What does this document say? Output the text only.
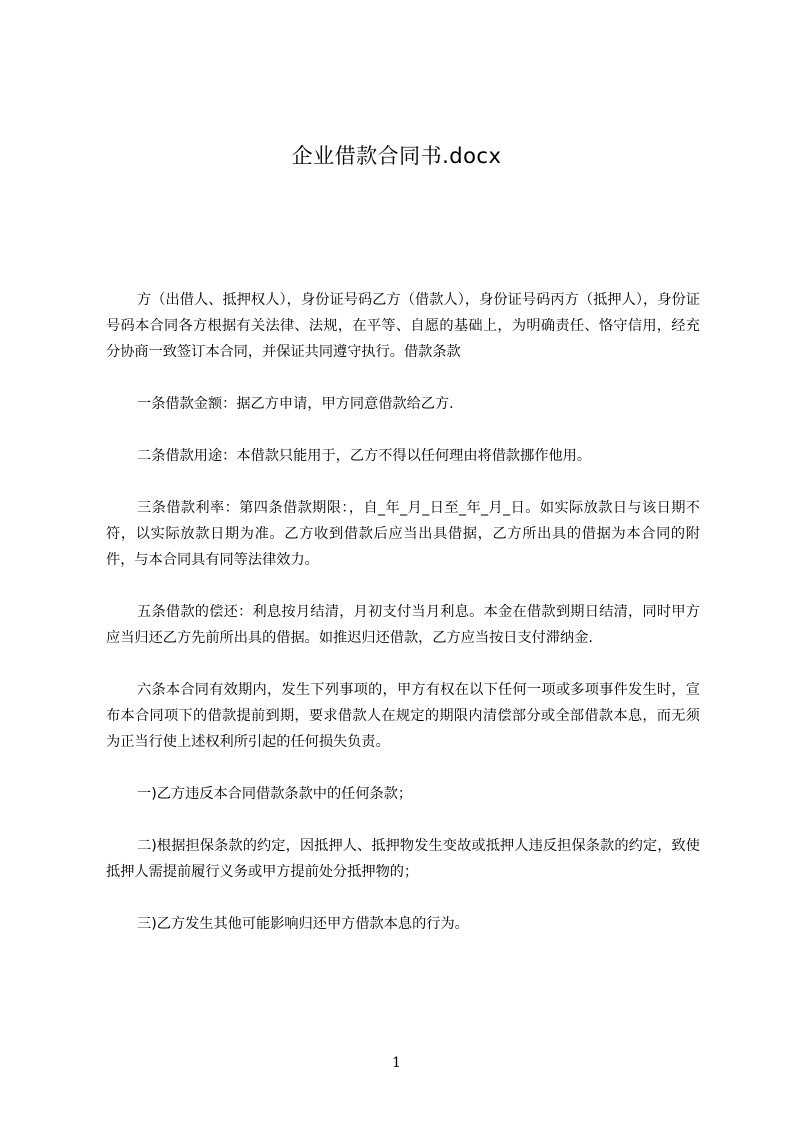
企业借款合同书.docx

方（出借人、抵押权人），身份证号码乙方（借款人），身份证号码丙方（抵押人），身份证号码本合同各方根据有关法律、法规，在平等、自愿的基础上，为明确责任、恪守信用，经充分协商一致签订本合同，并保证共同遵守执行。借款条款

一条借款金额：据乙方申请，甲方同意借款给乙方.

二条借款用途：本借款只能用于，乙方不得以任何理由将借款挪作他用。

三条借款利率：第四条借款期限：，自_年_月_日至_年_月_日。如实际放款日与该日期不符，以实际放款日期为准。乙方收到借款后应当出具借据，乙方所出具的借据为本合同的附件，与本合同具有同等法律效力。

五条借款的偿还：利息按月结清，月初支付当月利息。本金在借款到期日结清，同时甲方应当归还乙方先前所出具的借据。如推迟归还借款，乙方应当按日支付滞纳金.

六条本合同有效期内，发生下列事项的，甲方有权在以下任何一项或多项事件发生时，宣布本合同项下的借款提前到期，要求借款人在规定的期限内清偿部分或全部借款本息，而无须为正当行使上述权利所引起的任何损失负责。

一)乙方违反本合同借款条款中的任何条款；

二)根据担保条款的约定，因抵押人、抵押物发生变故或抵押人违反担保条款的约定，致使抵押人需提前履行义务或甲方提前处分抵押物的；

三)乙方发生其他可能影响归还甲方借款本息的行为。

1
